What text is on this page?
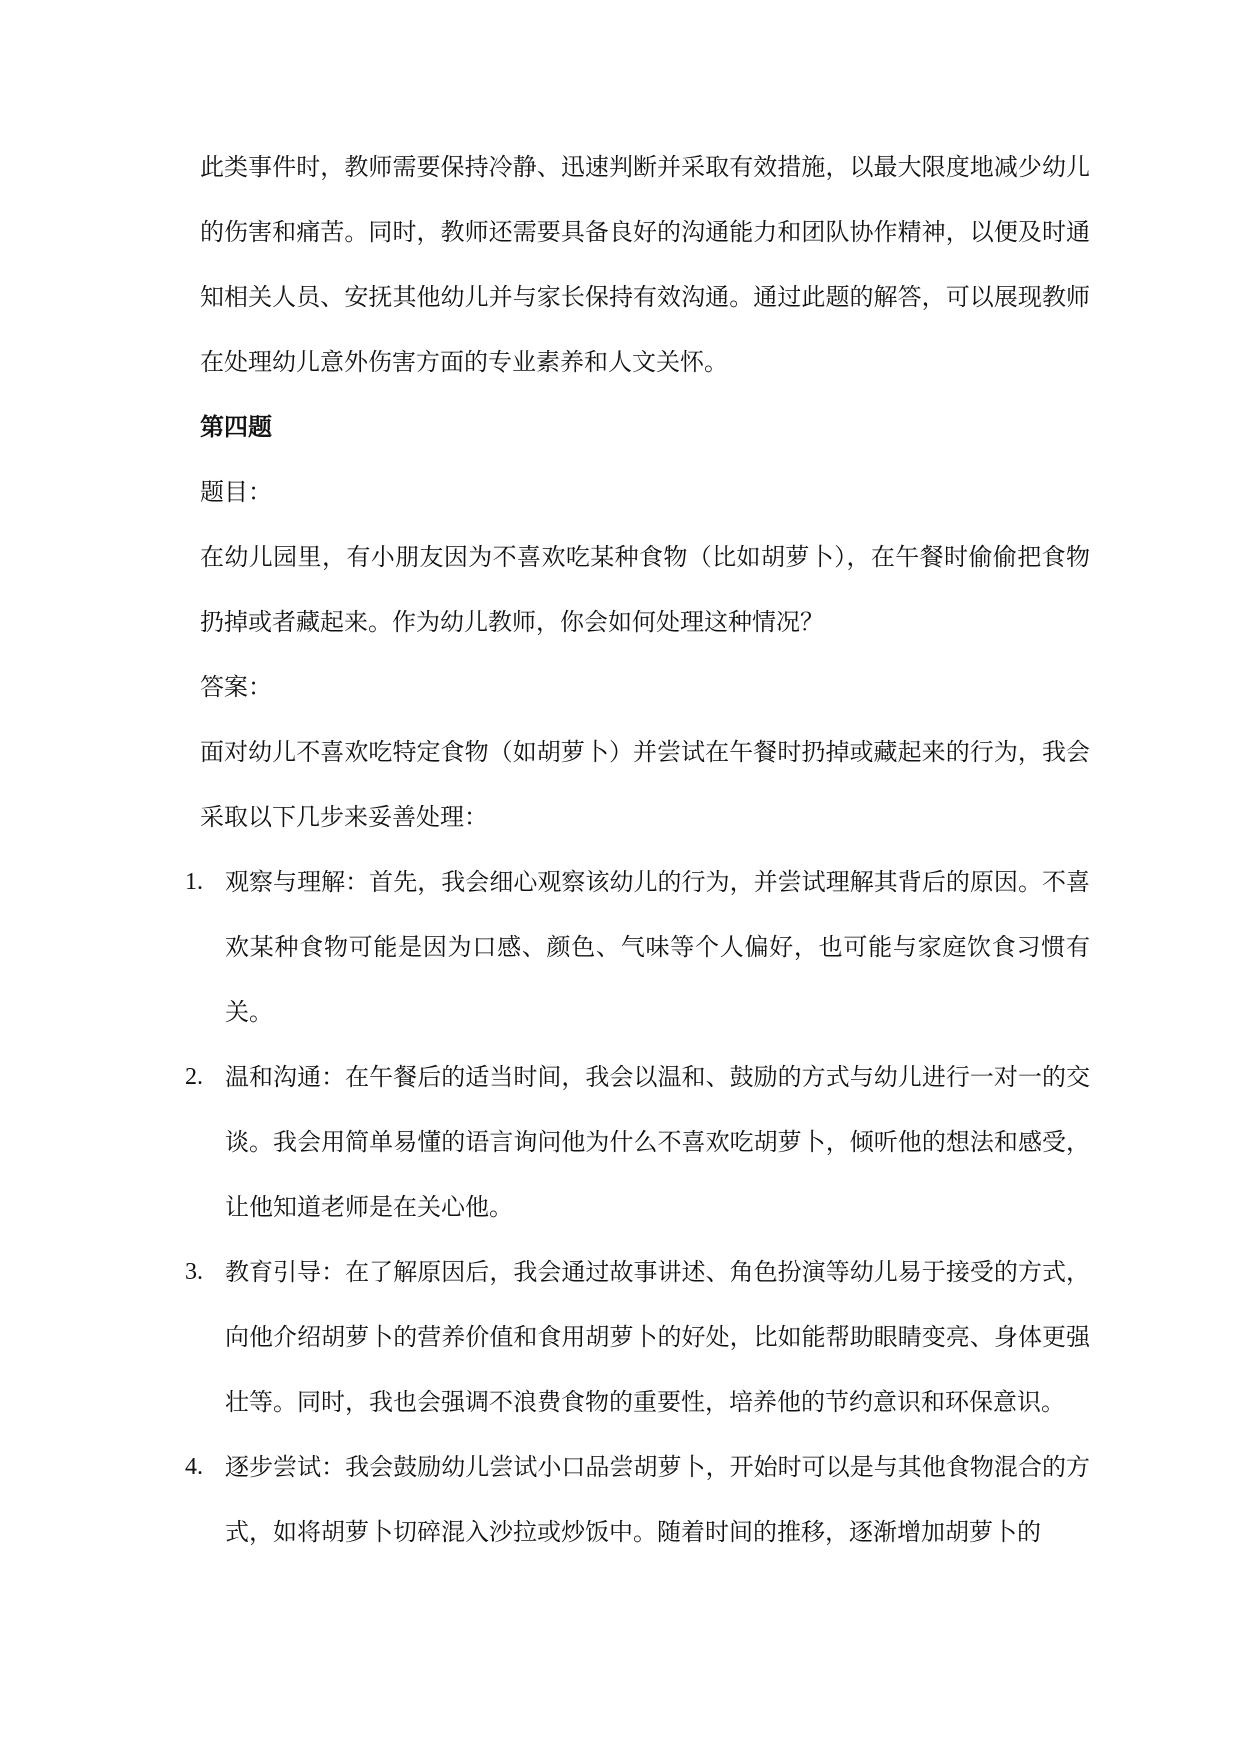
此类事件时，教师需要保持冷静、迅速判断并采取有效措施，以最大限度地减少幼儿的伤害和痛苦。同时，教师还需要具备良好的沟通能力和团队协作精神，以便及时通知相关人员、安抚其他幼儿并与家长保持有效沟通。通过此题的解答，可以展现教师在处理幼儿意外伤害方面的专业素养和人文关怀。

第四题

题目：

在幼儿园里，有小朋友因为不喜欢吃某种食物（比如胡萝卜），在午餐时偷偷把食物扔掉或者藏起来。作为幼儿教师，你会如何处理这种情况？

答案：

面对幼儿不喜欢吃特定食物（如胡萝卜）并尝试在午餐时扔掉或藏起来的行为，我会采取以下几步来妥善处理：

1. 观察与理解：首先，我会细心观察该幼儿的行为，并尝试理解其背后的原因。不喜欢某种食物可能是因为口感、颜色、气味等个人偏好，也可能与家庭饮食习惯有关。
2. 温和沟通：在午餐后的适当时间，我会以温和、鼓励的方式与幼儿进行一对一的交谈。我会用简单易懂的语言询问他为什么不喜欢吃胡萝卜，倾听他的想法和感受，让他知道老师是在关心他。
3. 教育引导：在了解原因后，我会通过故事讲述、角色扮演等幼儿易于接受的方式，向他介绍胡萝卜的营养价值和食用胡萝卜的好处，比如能帮助眼睛变亮、身体更强壮等。同时，我也会强调不浪费食物的重要性，培养他的节约意识和环保意识。
4. 逐步尝试：我会鼓励幼儿尝试小口品尝胡萝卜，开始时可以是与其他食物混合的方式，如将胡萝卜切碎混入沙拉或炒饭中。随着时间的推移，逐渐增加胡萝卜的
